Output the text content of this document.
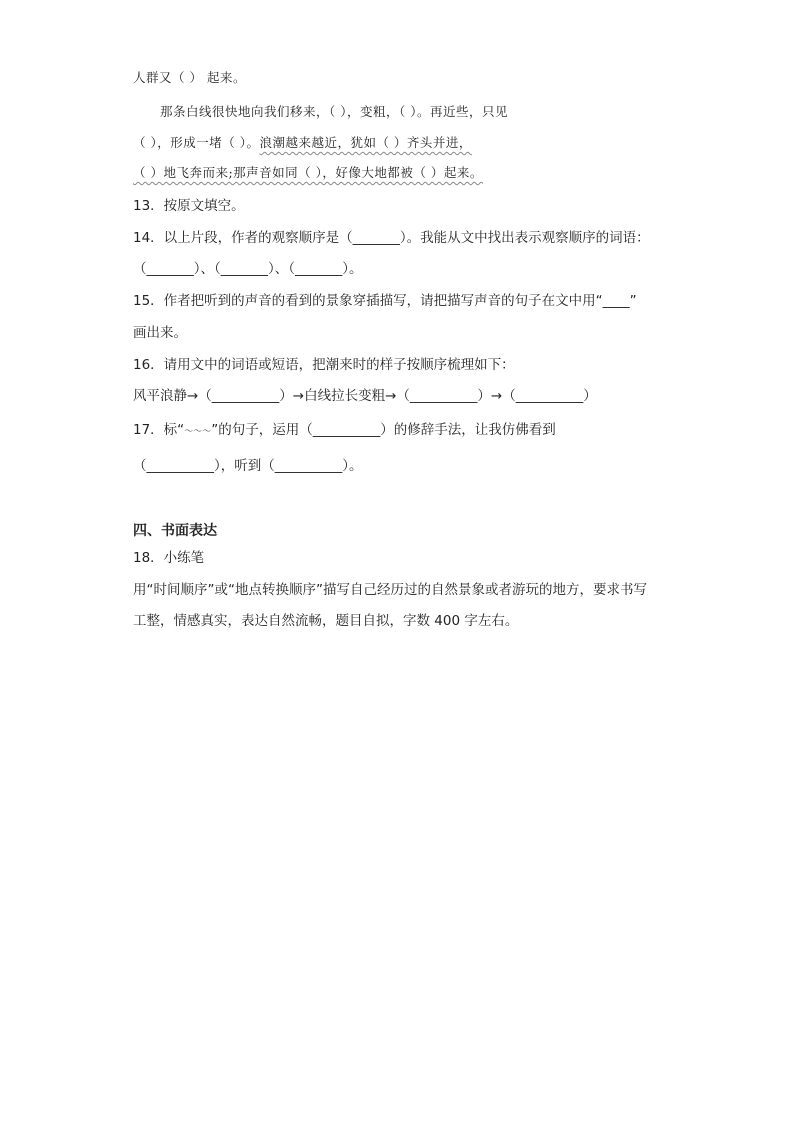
人群又（ ） 起来。
那条白线很快地向我们移来，（ ），变粗，（ ）。再近些，只见
（ ），形成一堵（ ）。浪潮越来越近，犹如（ ）齐头并进，
（ ）地飞奔而来;那声音如同（ ），好像大地都被（ ）起来。
13．按原文填空。
14．以上片段，作者的观察顺序是（_______）。我能从文中找出表示观察顺序的词语：
（_______）、（_______）、（_______）。
15．作者把听到的声音的看到的景象穿插描写，请把描写声音的句子在文中用“____”
画出来。
16．请用文中的词语或短语，把潮来时的样子按顺序梳理如下：
风平浪静→（__________）→白线拉长变粗→（__________）→（__________）
17．标“～～～”的句子，运用（__________）的修辞手法，让我仿佛看到
（__________），听到（__________）。
四、书面表达
18．小练笔
用“时间顺序”或“地点转换顺序”描写自己经历过的自然景象或者游玩的地方，要求书写
工整，情感真实，表达自然流畅，题目自拟，字数 400 字左右。
